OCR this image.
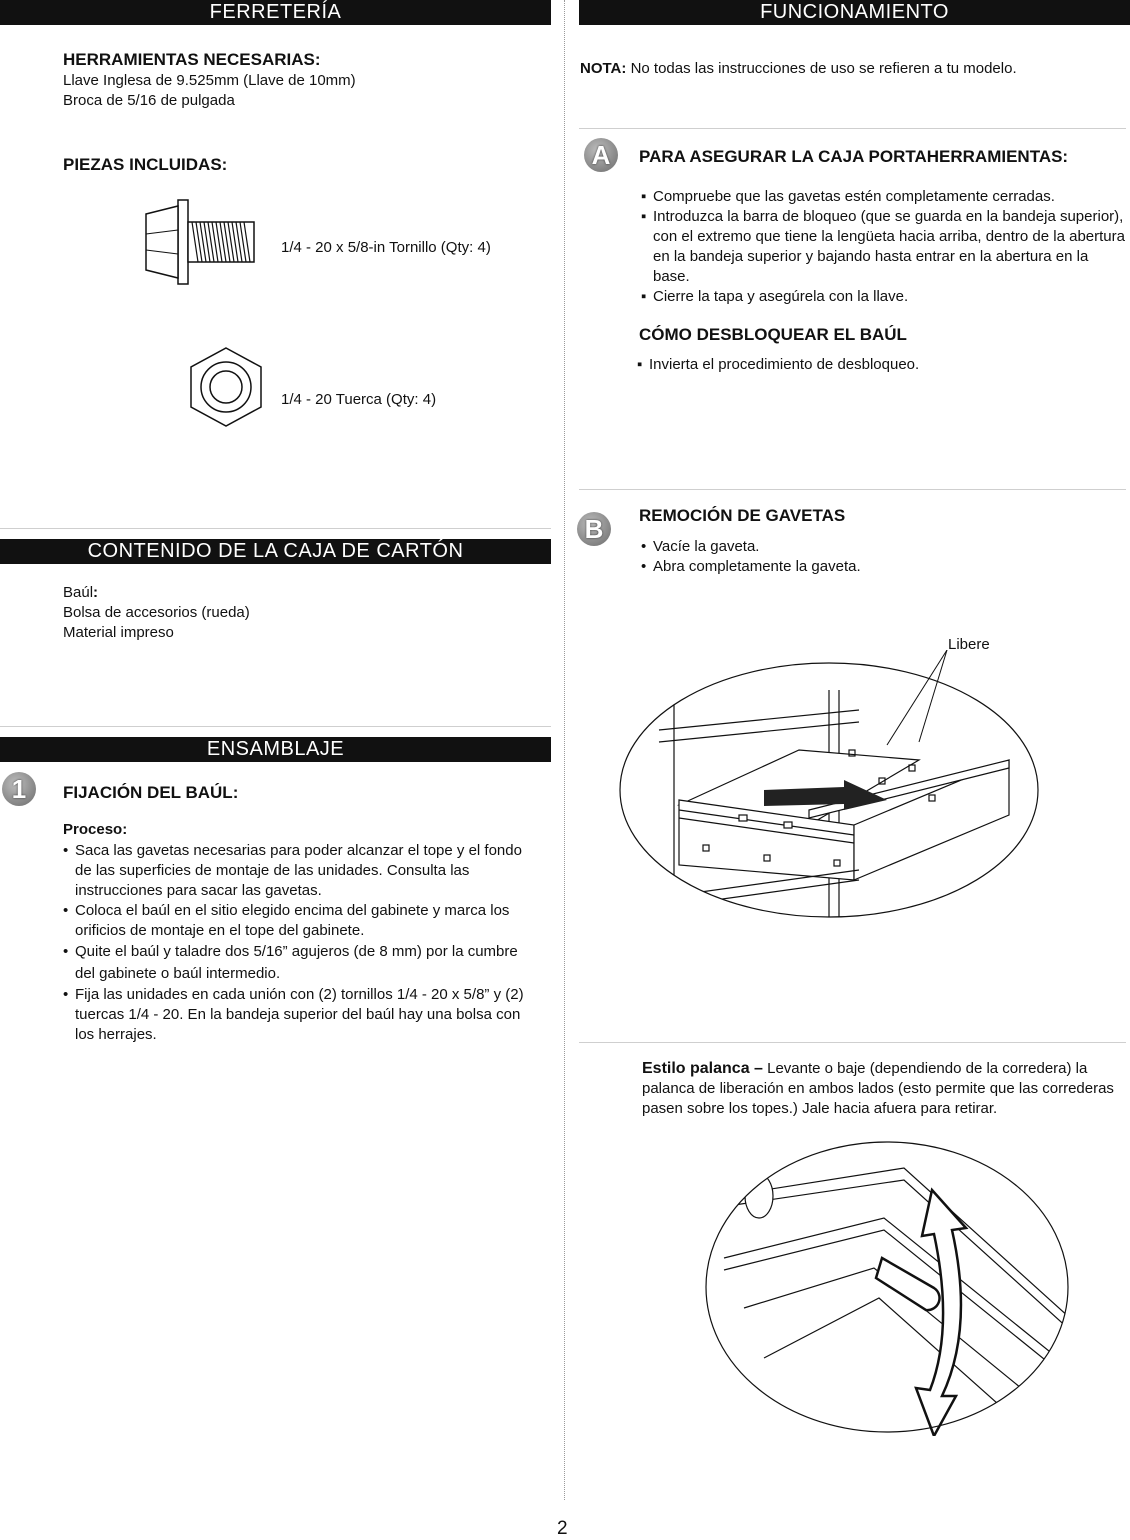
FERRETERÍA
HERRAMIENTAS NECESARIAS:
Llave Inglesa de 9.525mm (Llave de 10mm)
Broca de 5/16 de pulgada
PIEZAS INCLUIDAS:
1/4 - 20 x 5/8-in Tornillo (Qty: 4)
1/4 - 20 Tuerca (Qty: 4)
CONTENIDO DE LA CAJA DE CARTÓN
Baúl:
Bolsa de accesorios (rueda)
Material impreso
ENSAMBLAJE
1	FIJACIÓN DEL BAÚL:
Proceso:
• Saca las gavetas necesarias para poder alcanzar el tope y el fondo de las superficies de montaje de las unidades. Consulta las instrucciones para sacar las gavetas.
• Coloca el baúl en el sitio elegido encima del gabinete y marca los orificios de montaje en el tope del gabinete.
• Quite el baúl y taladre dos 5/16” agujeros (de 8 mm) por la cumbre del gabinete o baúl intermedio.
• Fija las unidades en cada unión con (2) tornillos 1/4 - 20 x 5/8” y (2) tuercas 1/4 - 20. En la bandeja superior del baúl hay una bolsa con los herrajes.
FUNCIONAMIENTO
NOTA: No todas las instrucciones de uso se refieren a tu modelo.
A	PARA ASEGURAR LA CAJA PORTAHERRAMIENTAS:
▪ Compruebe que las gavetas estén completamente cerradas.
▪ Introduzca la barra de bloqueo (que se guarda en la bandeja superior), con el extremo que tiene la lengüeta hacia arriba, dentro de la abertura en la bandeja superior y bajando hasta entrar en la abertura en la base.
▪ Cierre la tapa y asegúrela con la llave.
CÓMO DESBLOQUEAR EL BAÚL
▪ Invierta el procedimiento de desbloqueo.
B	REMOCIÓN DE GAVETAS
• Vacíe la gaveta.
• Abra completamente la gaveta.
Libere
Estilo palanca – Levante o baje (dependiendo de la corredera) la palanca de liberación en ambos lados (esto permite que las correderas pasen sobre los topes.) Jale hacia afuera para retirar.
2
